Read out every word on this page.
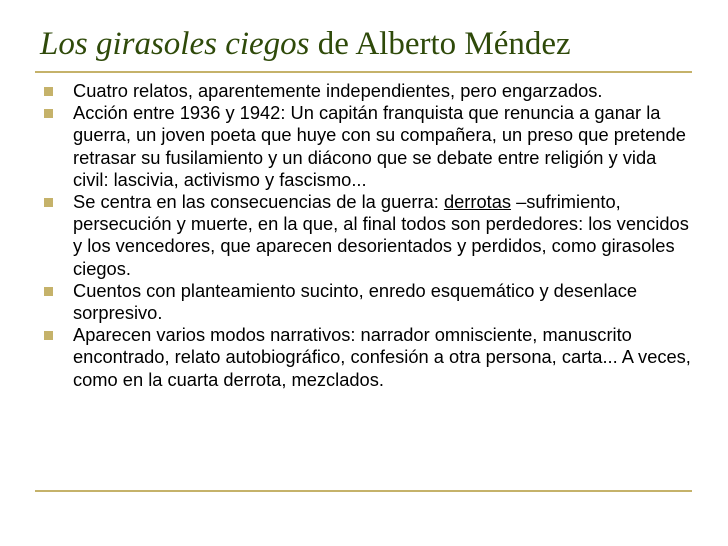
Los girasoles ciegos de Alberto Méndez
Cuatro relatos, aparentemente independientes, pero engarzados.
Acción entre 1936 y 1942: Un capitán franquista que renuncia a ganar la guerra, un joven poeta que huye con su compañera, un preso que pretende retrasar su fusilamiento y un diácono que se debate entre religión y vida civil: lascivia, activismo y fascismo...
Se centra en las consecuencias de la guerra: derrotas –sufrimiento, persecución y muerte, en la que, al final todos son perdedores: los vencidos y los vencedores, que aparecen desorientados y perdidos, como girasoles ciegos.
Cuentos con planteamiento sucinto, enredo esquemático y desenlace sorpresivo.
Aparecen varios modos narrativos: narrador omnisciente, manuscrito encontrado, relato autobiográfico, confesión a otra persona, carta... A veces, como en la cuarta derrota, mezclados.
